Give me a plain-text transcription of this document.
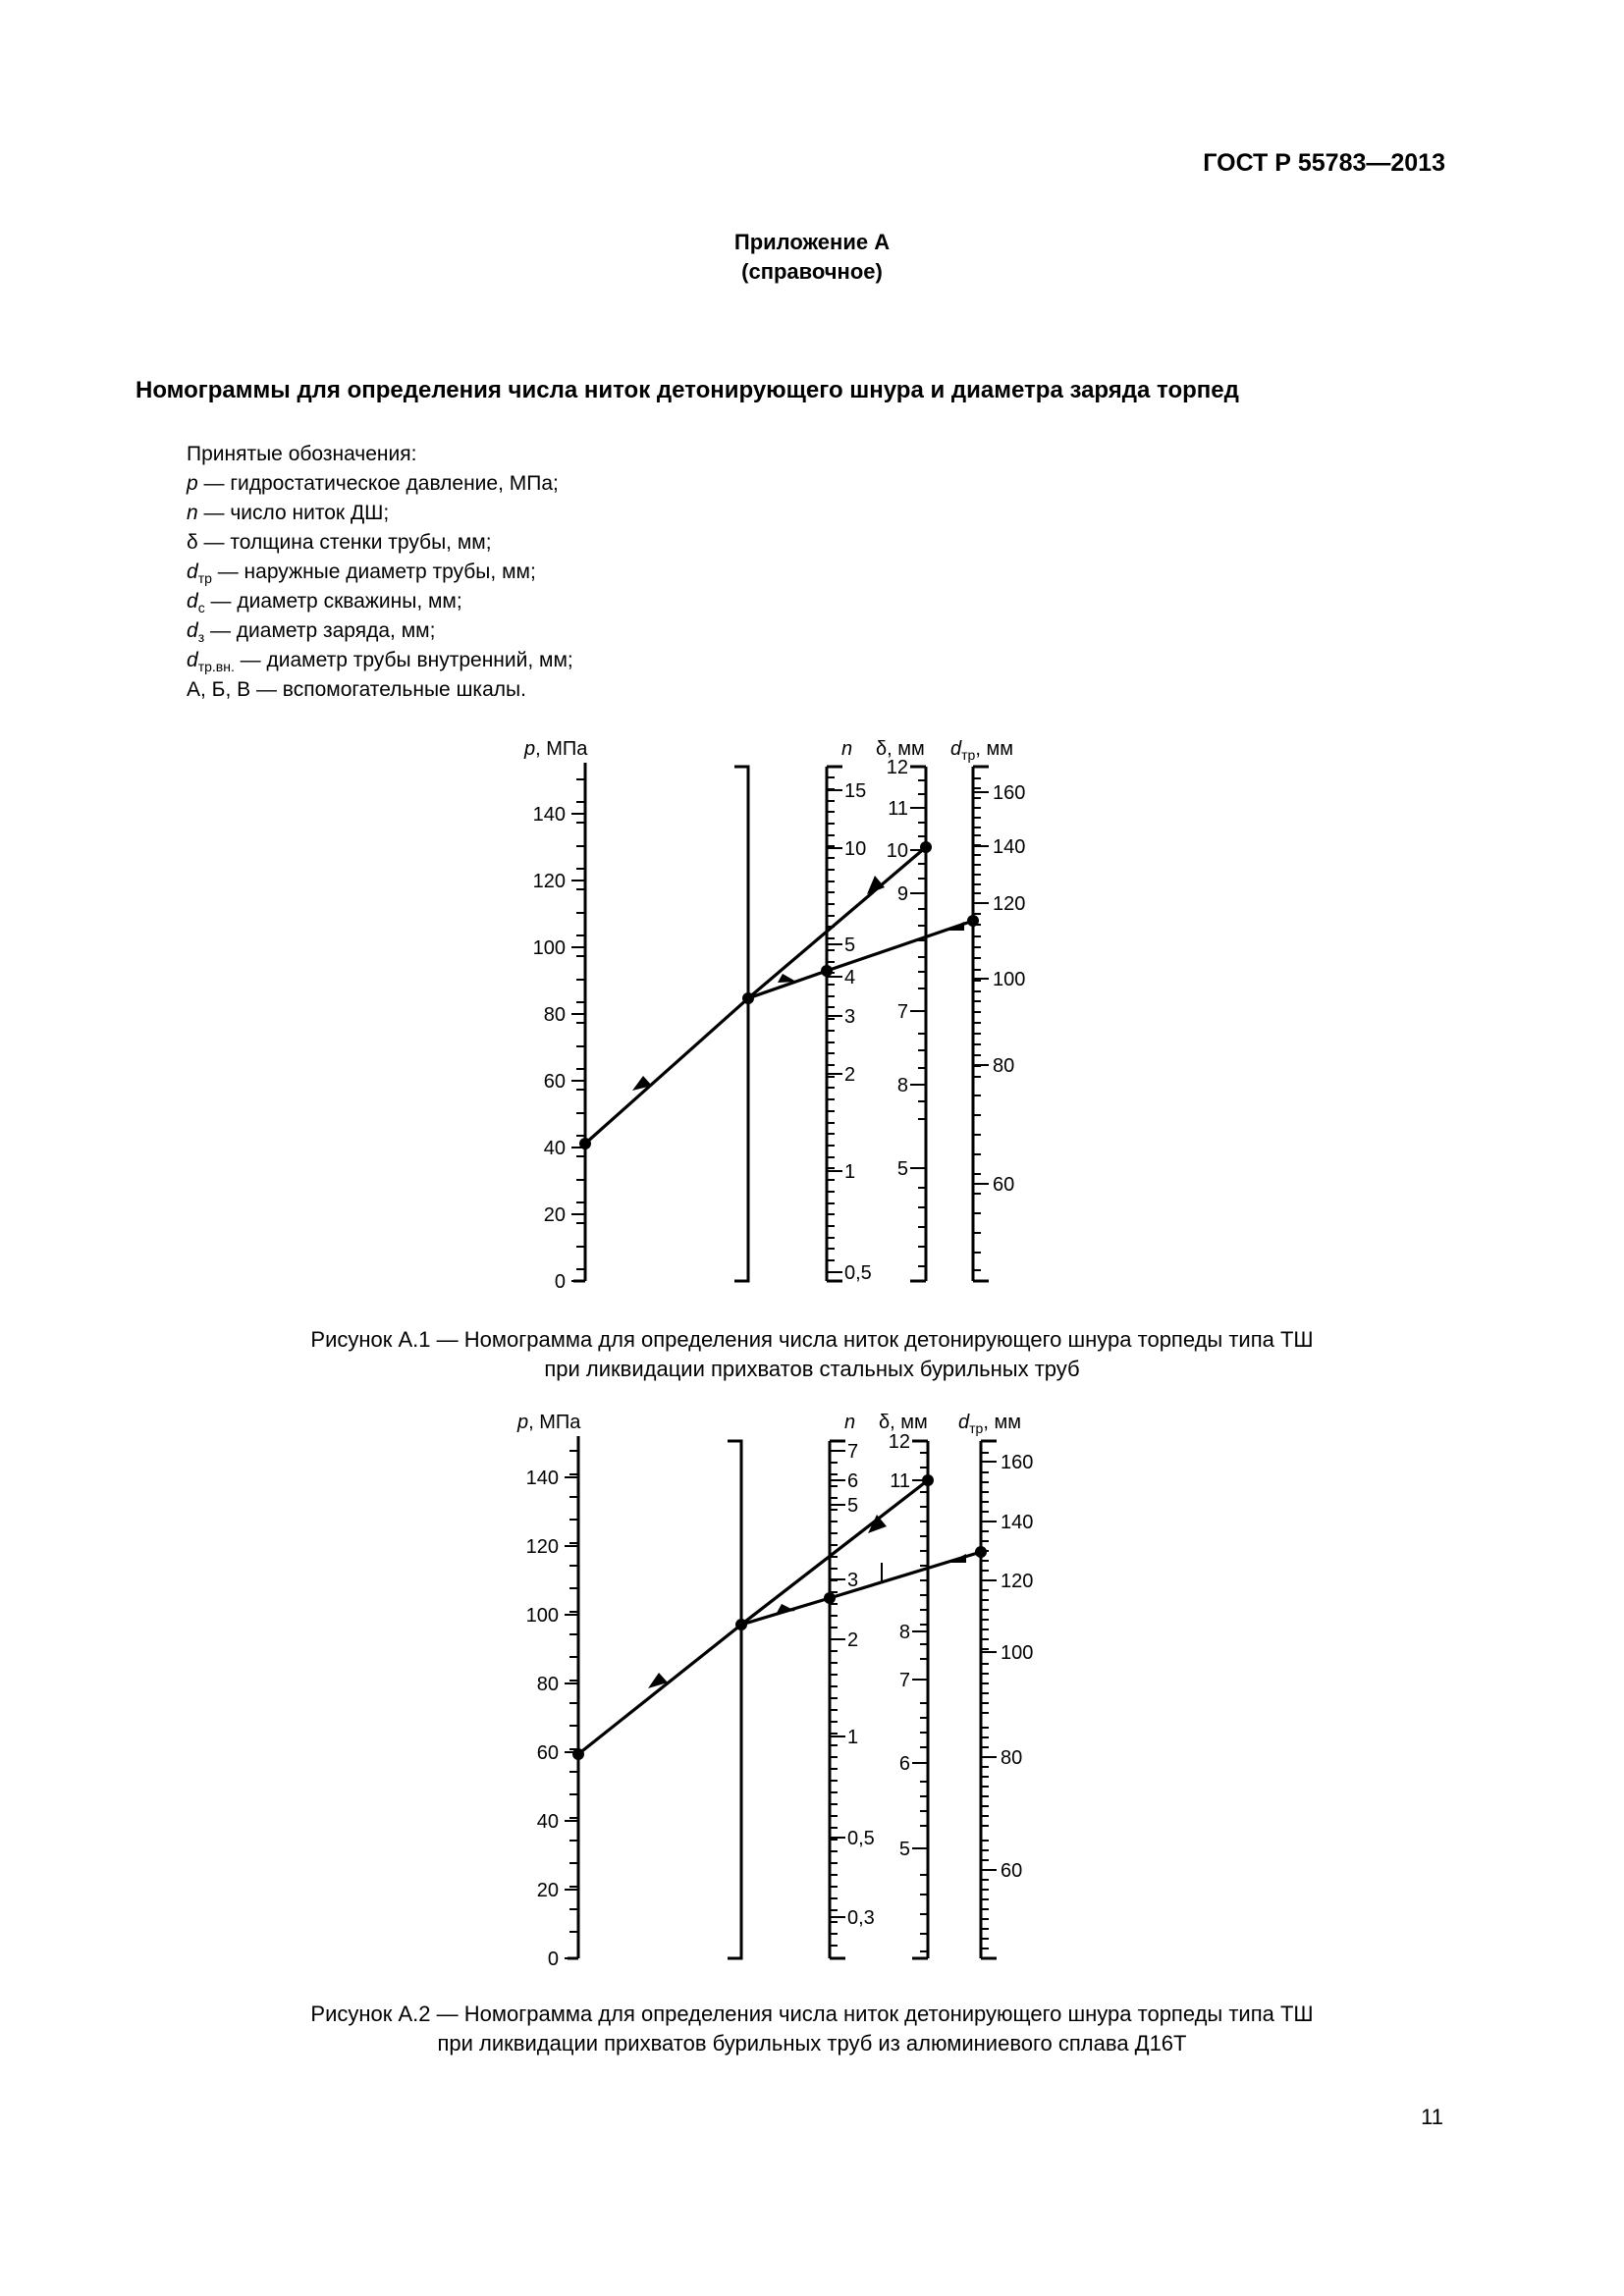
ГОСТ Р 55783—2013
Приложение А
(справочное)
Номограммы для определения числа ниток детонирующего шнура и диаметра заряда торпед
Принятые обозначения:
p — гидростатическое давление, МПа;
n — число ниток ДШ;
δ — толщина стенки трубы, мм;
$d_{тр}$ — наружные диаметр трубы, мм;
$d_с$ — диаметр скважины, мм;
$d_з$ — диаметр заряда, мм;
$d_{тр.вн.}$ — диаметр трубы внутренний, мм;
А, Б, В — вспомогательные шкалы.
p, МПа	n δ, мм $d_{тр}$, мм
0
20
40
60
80
100
120
140
0,5
1
2
3
4
5
10
15
12
11
10
9
7
8
5
160
140
120
100
80
60
Рисунок А.1 — Номограмма для определения числа ниток детонирующего шнура торпеды типа ТШ
при ликвидации прихватов стальных бурильных труб
p, МПа	n δ, мм $d_{тр}$, мм
0
20
40
60
80
100
120
140
7
6
5
3
2
1
0,5
0,3
12
11
8
7
6
5
160
140
120
100
80
60
Рисунок А.2 — Номограмма для определения числа ниток детонирующего шнура торпеды типа ТШ
при ликвидации прихватов бурильных труб из алюминиевого сплава Д16Т
11
